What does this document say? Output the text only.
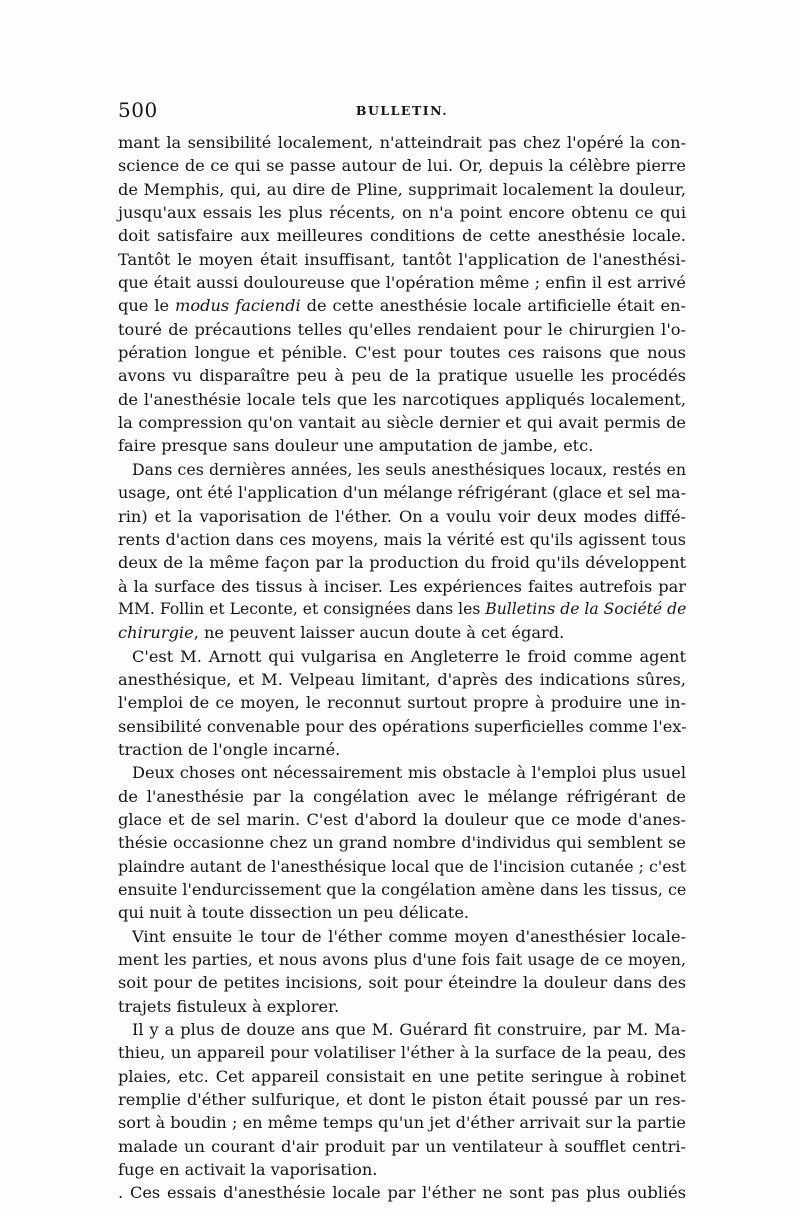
500	BULLETIN.
mant la sensibilité localement, n'atteindrait pas chez l'opéré la con-
science de ce qui se passe autour de lui. Or, depuis la célèbre pierre
de Memphis, qui, au dire de Pline, supprimait localement la douleur,
jusqu'aux essais les plus récents, on n'a point encore obtenu ce qui
doit satisfaire aux meilleures conditions de cette anesthésie locale.
Tantôt le moyen était insuffisant, tantôt l'application de l'anesthési-
que était aussi douloureuse que l'opération même ; enfin il est arrivé
que le modus faciendi de cette anesthésie locale artificielle était en-
touré de précautions telles qu'elles rendaient pour le chirurgien l'o-
pération longue et pénible. C'est pour toutes ces raisons que nous
avons vu disparaître peu à peu de la pratique usuelle les procédés
de l'anesthésie locale tels que les narcotiques appliqués localement,
la compression qu'on vantait au siècle dernier et qui avait permis de
faire presque sans douleur une amputation de jambe, etc.
Dans ces dernières années, les seuls anesthésiques locaux, restés en
usage, ont été l'application d'un mélange réfrigérant (glace et sel ma-
rin) et la vaporisation de l'éther. On a voulu voir deux modes diffé-
rents d'action dans ces moyens, mais la vérité est qu'ils agissent tous
deux de la même façon par la production du froid qu'ils développent
à la surface des tissus à inciser. Les expériences faites autrefois par
MM. Follin et Leconte, et consignées dans les Bulletins de la Société de
chirurgie, ne peuvent laisser aucun doute à cet égard.
C'est M. Arnott qui vulgarisa en Angleterre le froid comme agent
anesthésique, et M. Velpeau limitant, d'après des indications sûres,
l'emploi de ce moyen, le reconnut surtout propre à produire une in-
sensibilité convenable pour des opérations superficielles comme l'ex-
traction de l'ongle incarné.
Deux choses ont nécessairement mis obstacle à l'emploi plus usuel
de l'anesthésie par la congélation avec le mélange réfrigérant de
glace et de sel marin. C'est d'abord la douleur que ce mode d'anes-
thésie occasionne chez un grand nombre d'individus qui semblent se
plaindre autant de l'anesthésique local que de l'incision cutanée ; c'est
ensuite l'endurcissement que la congélation amène dans les tissus, ce
qui nuit à toute dissection un peu délicate.
Vint ensuite le tour de l'éther comme moyen d'anesthésier locale-
ment les parties, et nous avons plus d'une fois fait usage de ce moyen,
soit pour de petites incisions, soit pour éteindre la douleur dans des
trajets fistuleux à explorer.
Il y a plus de douze ans que M. Guérard fit construire, par M. Ma-
thieu, un appareil pour volatiliser l'éther à la surface de la peau, des
plaies, etc. Cet appareil consistait en une petite seringue à robinet
remplie d'éther sulfurique, et dont le piston était poussé par un res-
sort à boudin ; en même temps qu'un jet d'éther arrivait sur la partie
malade un courant d'air produit par un ventilateur à soufflet centri-
fuge en activait la vaporisation.
. Ces essais d'anesthésie locale par l'éther ne sont pas plus oubliés
